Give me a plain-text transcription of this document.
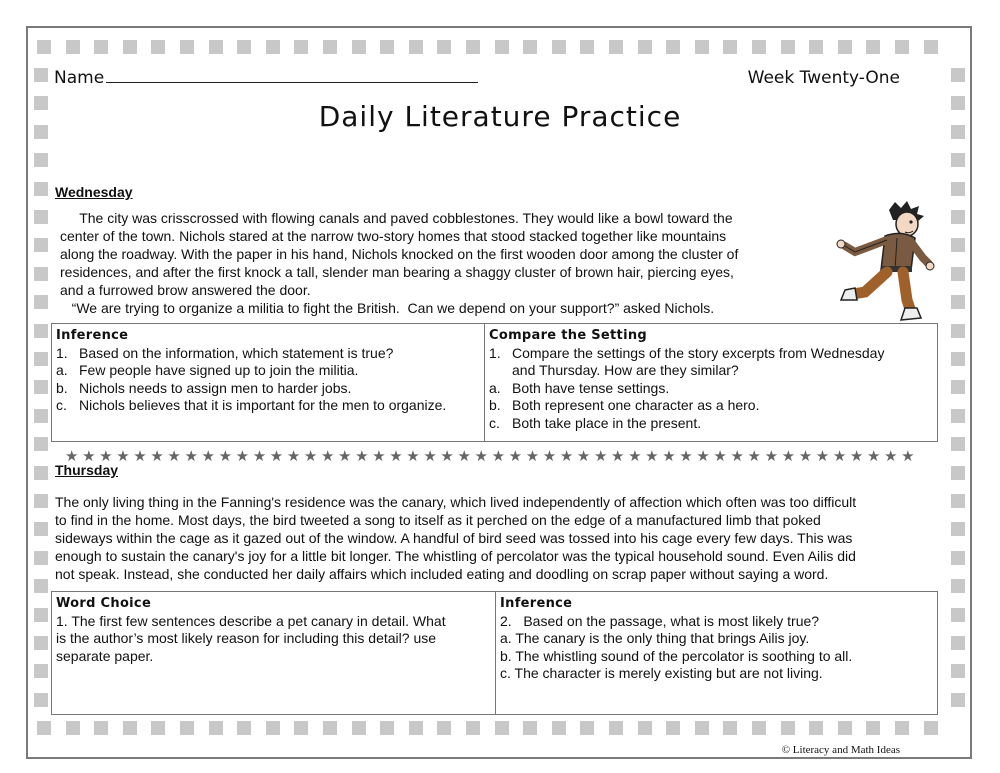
Name	Week Twenty-One
Daily Literature Practice
Wednesday

The city was crisscrossed with flowing canals and paved cobblestones. They would like a bowl toward the

center of the town. Nichols stared at the narrow two-story homes that stood stacked together like mountains

along the roadway. With the paper in his hand, Nichols knocked on the first wooden door among the cluster of

residences, and after the first knock a tall, slender man bearing a shaggy cluster of brown hair, piercing eyes,

and a furrowed brow answered the door.

“We are trying to organize a militia to fight the British.  Can we depend on your support?” asked Nichols.

Inference
1. Based on the information, which statement is true?
a. Few people have signed up to join the militia.
b. Nichols needs to assign men to harder jobs.
c. Nichols believes that it is important for the men to organize.
Compare the Setting
1. Compare the settings of the story excerpts from Wednesday
and Thursday. How are they similar?
a. Both have tense settings.
b. Both represent one character as a hero.
c. Both take place in the present.
★ ★ ★ ★ ★ ★ ★ ★ ★ ★ ★ ★ ★ ★ ★ ★ ★ ★ ★ ★ ★ ★ ★ ★ ★ ★ ★ ★ ★ ★ ★ ★ ★ ★ ★ ★ ★ ★ ★ ★ ★ ★ ★ ★ ★ ★ ★ ★ ★ ★
Thursday

The only living thing in the Fanning's residence was the canary, which lived independently of affection which often was too difficult

to find in the home. Most days, the bird tweeted a song to itself as it perched on the edge of a manufactured limb that poked

sideways within the cage as it gazed out of the window. A handful of bird seed was tossed into his cage every few days. This was

enough to sustain the canary's joy for a little bit longer. The whistling of percolator was the typical household sound. Even Ailis did

not speak. Instead, she conducted her daily affairs which included eating and doodling on scrap paper without saying a word.

Word Choice
1. The first few sentences describe a pet canary in detail. What
is the author’s most likely reason for including this detail? use
separate paper.
Inference
2.   Based on the passage, what is most likely true?
a. The canary is the only thing that brings Ailis joy.
b. The whistling sound of the percolator is soothing to all.
c. The character is merely existing but are not living.
© Literacy and Math Ideas
